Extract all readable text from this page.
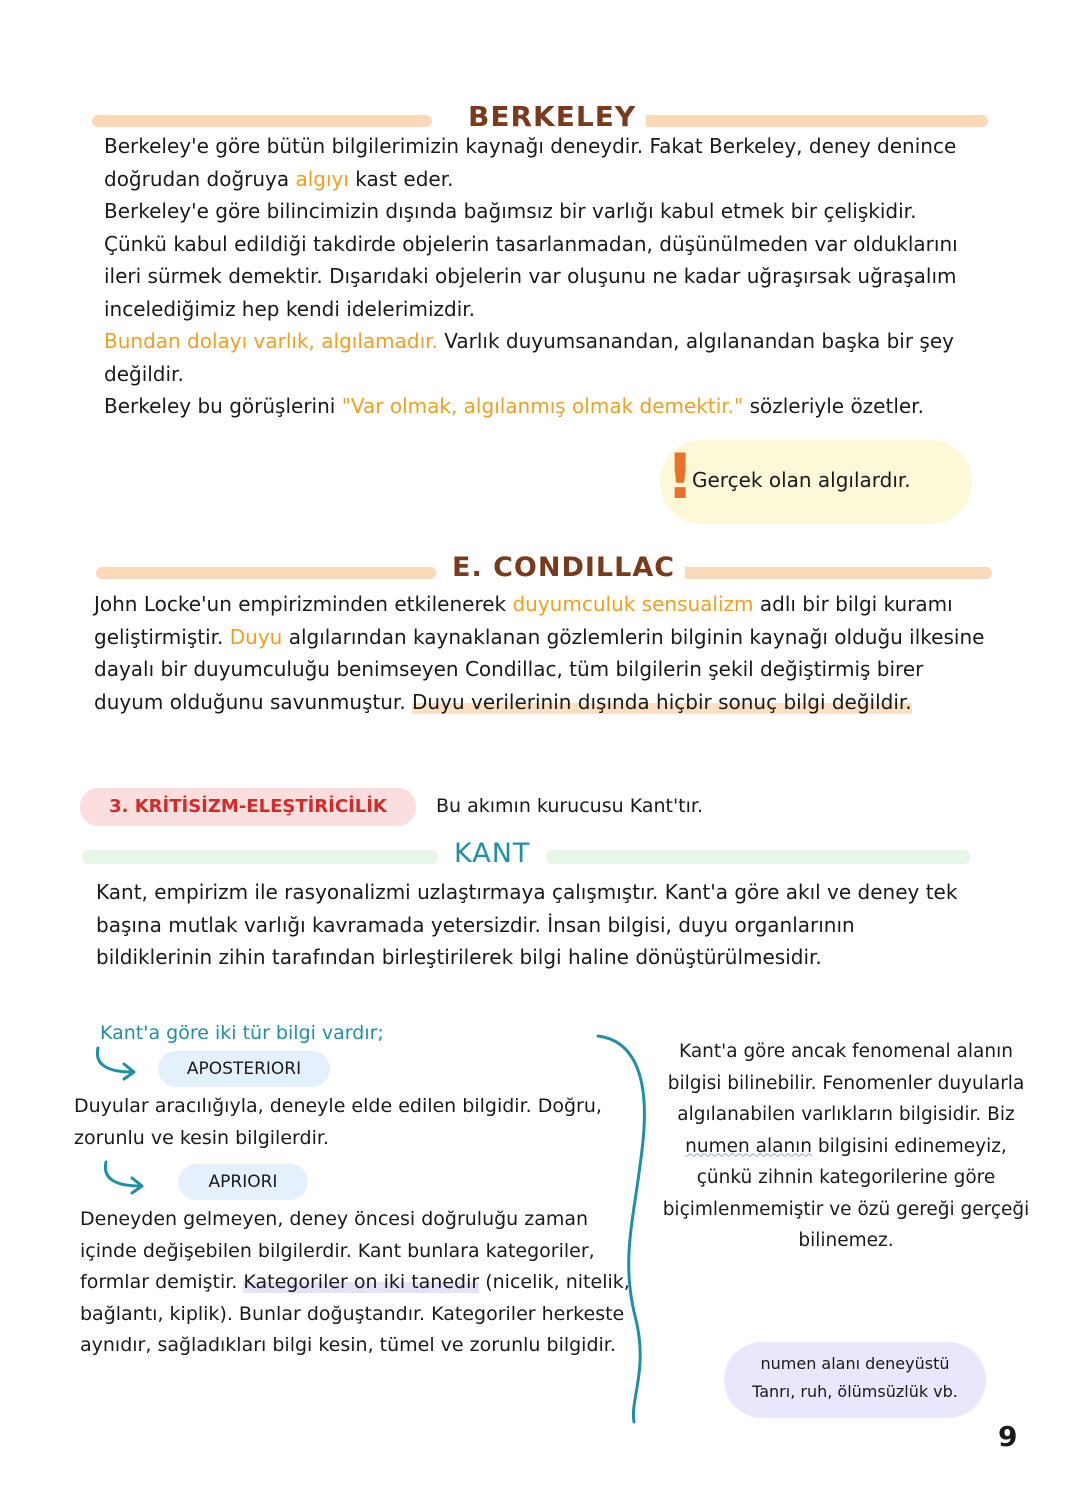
BERKELEY

Berkeley'e göre bütün bilgilerimizin kaynağı deneydir. Fakat Berkeley, deney denince doğrudan doğruya algıyı kast eder.

Berkeley'e göre bilincimizin dışında bağımsız bir varlığı kabul etmek bir çelişkidir. Çünkü kabul edildiği takdirde objelerin tasarlanmadan, düşünülmeden var olduklarını ileri sürmek demektir. Dışarıdaki objelerin var oluşunu ne kadar uğraşırsak uğraşalım incelediğimiz hep kendi idelerimizdir.

Bundan dolayı varlık, algılamadır. Varlık duyumsanandan, algılanandan başka bir şey değildir.

Berkeley bu görüşlerini "Var olmak, algılanmış olmak demektir." sözleriyle özetler.

!
Gerçek olan algılardır.
E. CONDILLAC

John Locke'un empirizminden etkilenerek duyumculuk sensualizm adlı bir bilgi kuramı geliştirmiştir. Duyu algılarından kaynaklanan gözlemlerin bilginin kaynağı olduğu ilkesine dayalı bir duyumculuğu benimseyen Condillac, tüm bilgilerin şekil değiştirmiş birer duyum olduğunu savunmuştur. Duyu verilerinin dışında hiçbir sonuç bilgi değildir.

3. KRİTİSİZM-ELEŞTİRİCİLİK	Bu akımın kurucusu Kant'tır.
KANT
Kant, empirizm ile rasyonalizmi uzlaştırmaya çalışmıştır. Kant'a göre akıl ve deney tek başına mutlak varlığı kavramada yetersizdir. İnsan bilgisi, duyu organlarının bildiklerinin zihin tarafından birleştirilerek bilgi haline dönüştürülmesidir.
Kant'a göre iki tür bilgi vardır;
APOSTERIORI
Duyular aracılığıyla, deneyle elde edilen bilgidir. Doğru, zorunlu ve kesin bilgilerdir.
APRIORI
Deneyden gelmeyen, deney öncesi doğruluğu zaman içinde değişebilen bilgilerdir. Kant bunlara kategoriler, formlar demiştir. Kategoriler on iki tanedir (nicelik, nitelik, bağlantı, kiplik). Bunlar doğuştandır. Kategoriler herkeste aynıdır, sağladıkları bilgi kesin, tümel ve zorunlu bilgidir.
Kant'a göre ancak fenomenal alanın bilgisi bilinebilir. Fenomenler duyularla algılanabilen varlıkların bilgisidir. Biz numen alanın bilgisini edinemeyiz, çünkü zihnin kategorilerine göre biçimlenmemiştir ve özü gereği gerçeği bilinemez.
numen alanı deneyüstü
Tanrı, ruh, ölümsüzlük vb.
9
